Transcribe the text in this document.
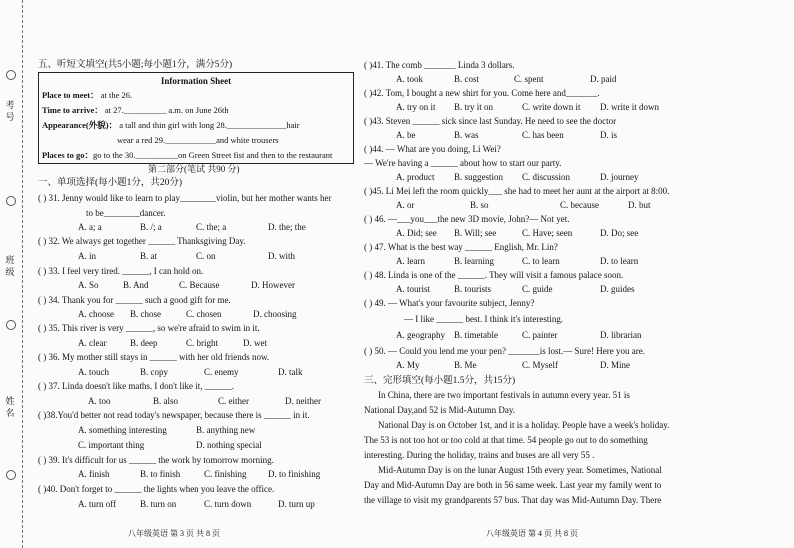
考
号
班
级
姓
名
五、听短文填空(共5小题;每小题1分，满分5分)
Information Sheet
Place to meet： at the 26.
Time to arrive： at 27.__________ a.m. on June 26th
Appearance(外貌)： a tall and thin girl with long 28.______________hair
wear a red 29.____________and white trousers
Places to go：go to the 30.__________on Green Street fist and then to the restaurant
第二部分(笔试 共90 分)
一、单项选择(每小题1分，共20分)
( ) 31. Jenny would like to learn to play________violin, but her mother wants her
to be________dancer.
A. a; a	B. /; a	C. the; a	D. the; the
( ) 32. We always get together ______ Thanksgiving Day.
A. in	B. at	C. on	D. with
( ) 33. I feel very tired. ______, I can hold on.
A. So	B. And	C. Because	D. However
( ) 34. Thank you for ______ such a good gift for me.
A. choose B. chose	C. chosen	D. choosing
( ) 35. This river is very ______, so we're afraid to swim in it.
A. clear	B. deep	C. bright	D. wet
( ) 36. My mother still stays in ______ with her old friends now.
A. touch	B. copy	C. enemy	D. talk
( ) 37. Linda doesn't like maths. I don't like it, ______.
A. too	B. also	C. either	D. neither
( )38.You'd better not read today's newspaper, because there is ______ in it.
A. something interesting	B. anything new
C. important thing	D. nothing special
( ) 39. It's difficult for us ______ the work by tomorrow morning.
A. finish	B. to finish	C. finishing D. to finishing
( )40. Don't forget to ______ the lights when you leave the office.
A. turn off	B. turn on	C. turn down	D. turn up
八年级英语 第 3 页 共 8 页
( )41. The comb _______ Linda 3 dollars.
A. took	B. cost	C. spent	D. paid
( )42. Tom, I bought a new shirt for you. Come here and_______.
A. try on it B. try it on	C. write down it D. write it down
( )43. Steven ______ sick since last Sunday. He need to see the doctor
A. be	B. was	C. has been	D. is
( )44. — What are you doing, Li Wei?
— We're having a ______ about how to start our party.
A. product B. suggestion C. discussion	D. journey
( )45. Li Mei left the room quickly___ she had to meet her aunt at the airport at 8:00.
A. or	B. so	C. because	D. but
( ) 46. —___you___the new 3D movie, John?— Not yet.
A. Did; see B. Will; see	C. Have; seen	D. Do; see
( ) 47. What is the best way ______ English, Mr. Lin?
A. learn	B. learning	C. to learn	D. to learn
( ) 48. Linda is one of the ______. They will visit a famous palace soon.
A. tourist	B. tourists	C. guide	D. guides
( ) 49. — What's your favourite subject, Jenny?
— I like ______ best. I think it's interesting.
A. geography B. timetable	C. painter	D. librarian
( ) 50. — Could you lend me your pen? _______is lost.— Sure! Here you are.
A. My	B. Me	C. Myself	D. Mine
三、完形填空(每小题1.5分，共15分)
In China, there are two important festivals in autumn every year. 51 is
National Day,and 52 is Mid-Autumn Day.
National Day is on October 1st, and it is a holiday. People have a week's holiday.
The 53 is not too hot or too cold at that time. 54 people go out to do something
interesting. During the holiday, trains and buses are all very 55 .
Mid-Autumn Day is on the lunar August 15th every year. Sometimes, National
Day and Mid-Autumn Day are both in 56 same week. Last year my family went to
the village to visit my grandparents 57 bus. That day was Mid-Autumn Day. There
八年级英语 第 4 页 共 8 页
